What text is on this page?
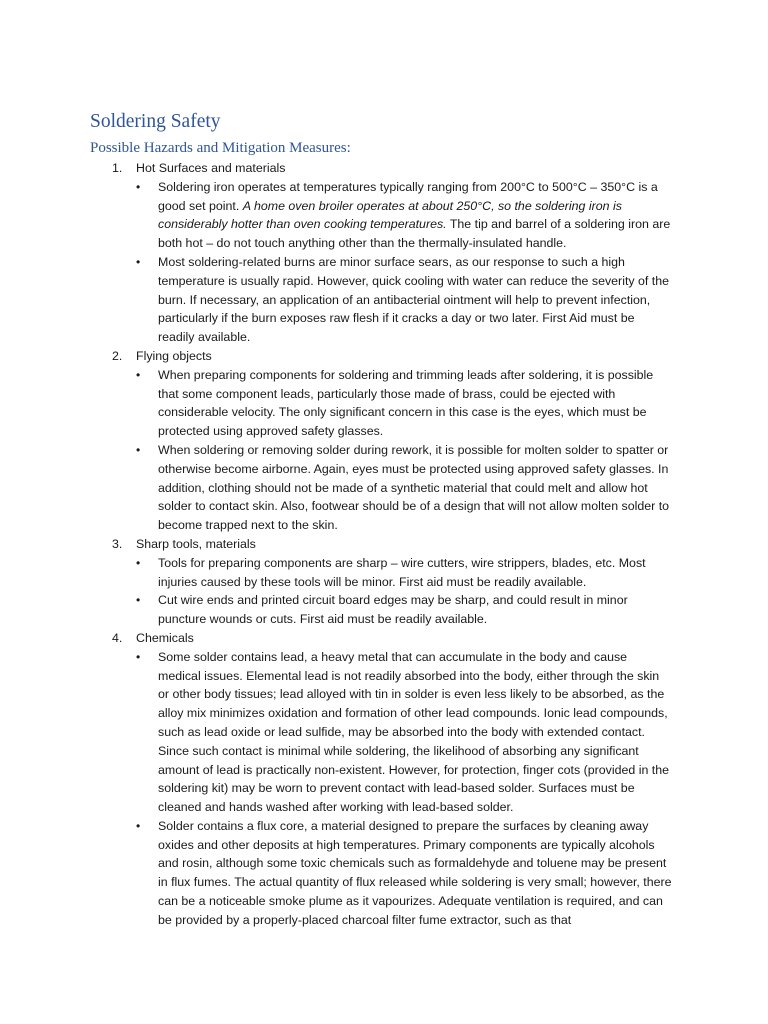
Soldering Safety
Possible Hazards and Mitigation Measures:
1. Hot Surfaces and materials
• Soldering iron operates at temperatures typically ranging from 200°C to 500°C – 350°C is a good set point. A home oven broiler operates at about 250°C, so the soldering iron is considerably hotter than oven cooking temperatures. The tip and barrel of a soldering iron are both hot – do not touch anything other than the thermally-insulated handle.
• Most soldering-related burns are minor surface sears, as our response to such a high temperature is usually rapid. However, quick cooling with water can reduce the severity of the burn. If necessary, an application of an antibacterial ointment will help to prevent infection, particularly if the burn exposes raw flesh if it cracks a day or two later. First Aid must be readily available.
2. Flying objects
• When preparing components for soldering and trimming leads after soldering, it is possible that some component leads, particularly those made of brass, could be ejected with considerable velocity. The only significant concern in this case is the eyes, which must be protected using approved safety glasses.
• When soldering or removing solder during rework, it is possible for molten solder to spatter or otherwise become airborne. Again, eyes must be protected using approved safety glasses. In addition, clothing should not be made of a synthetic material that could melt and allow hot solder to contact skin. Also, footwear should be of a design that will not allow molten solder to become trapped next to the skin.
3. Sharp tools, materials
• Tools for preparing components are sharp – wire cutters, wire strippers, blades, etc. Most injuries caused by these tools will be minor. First aid must be readily available.
• Cut wire ends and printed circuit board edges may be sharp, and could result in minor puncture wounds or cuts. First aid must be readily available.
4. Chemicals
• Some solder contains lead, a heavy metal that can accumulate in the body and cause medical issues. Elemental lead is not readily absorbed into the body, either through the skin or other body tissues; lead alloyed with tin in solder is even less likely to be absorbed, as the alloy mix minimizes oxidation and formation of other lead compounds. Ionic lead compounds, such as lead oxide or lead sulfide, may be absorbed into the body with extended contact. Since such contact is minimal while soldering, the likelihood of absorbing any significant amount of lead is practically non-existent. However, for protection, finger cots (provided in the soldering kit) may be worn to prevent contact with lead-based solder. Surfaces must be cleaned and hands washed after working with lead-based solder.
• Solder contains a flux core, a material designed to prepare the surfaces by cleaning away oxides and other deposits at high temperatures. Primary components are typically alcohols and rosin, although some toxic chemicals such as formaldehyde and toluene may be present in flux fumes. The actual quantity of flux released while soldering is very small; however, there can be a noticeable smoke plume as it vapourizes. Adequate ventilation is required, and can be provided by a properly-placed charcoal filter fume extractor, such as that
